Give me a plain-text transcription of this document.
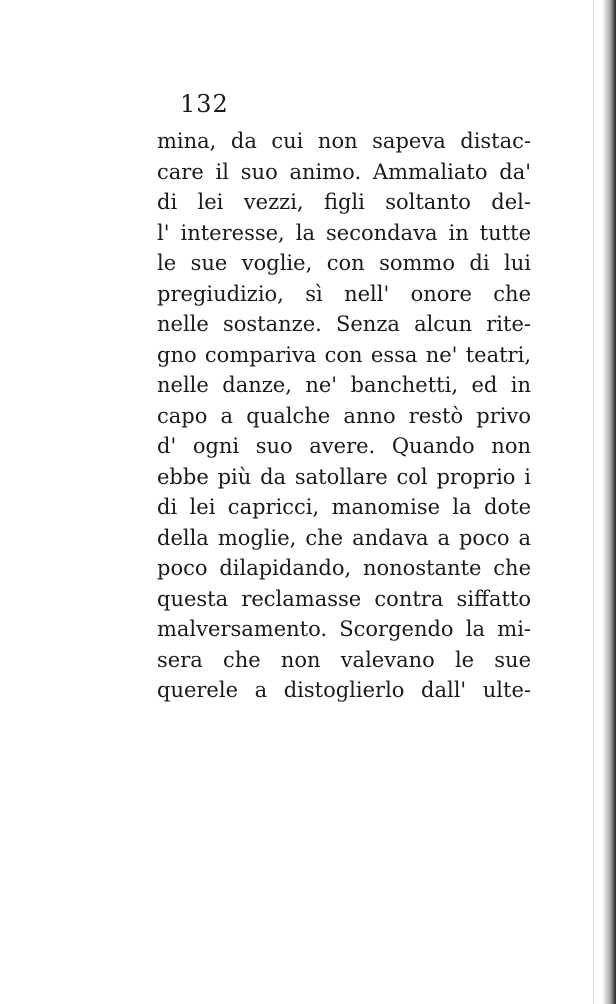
132
mina, da cui non sapeva distac-
care il suo animo. Ammaliato da'
di lei vezzi, figli soltanto del-
l' interesse, la secondava in tutte
le sue voglie, con sommo di lui
pregiudizio, sì nell' onore che
nelle sostanze. Senza alcun rite-
gno compariva con essa ne' teatri,
nelle danze, ne' banchetti, ed in
capo a qualche anno restò privo
d' ogni suo avere. Quando non
ebbe più da satollare col proprio i
di lei capricci, manomise la dote
della moglie, che andava a poco a
poco dilapidando, nonostante che
questa reclamasse contra siffatto
malversamento. Scorgendo la mi-
sera che non valevano le sue
querele a distoglierlo dall' ulte-
